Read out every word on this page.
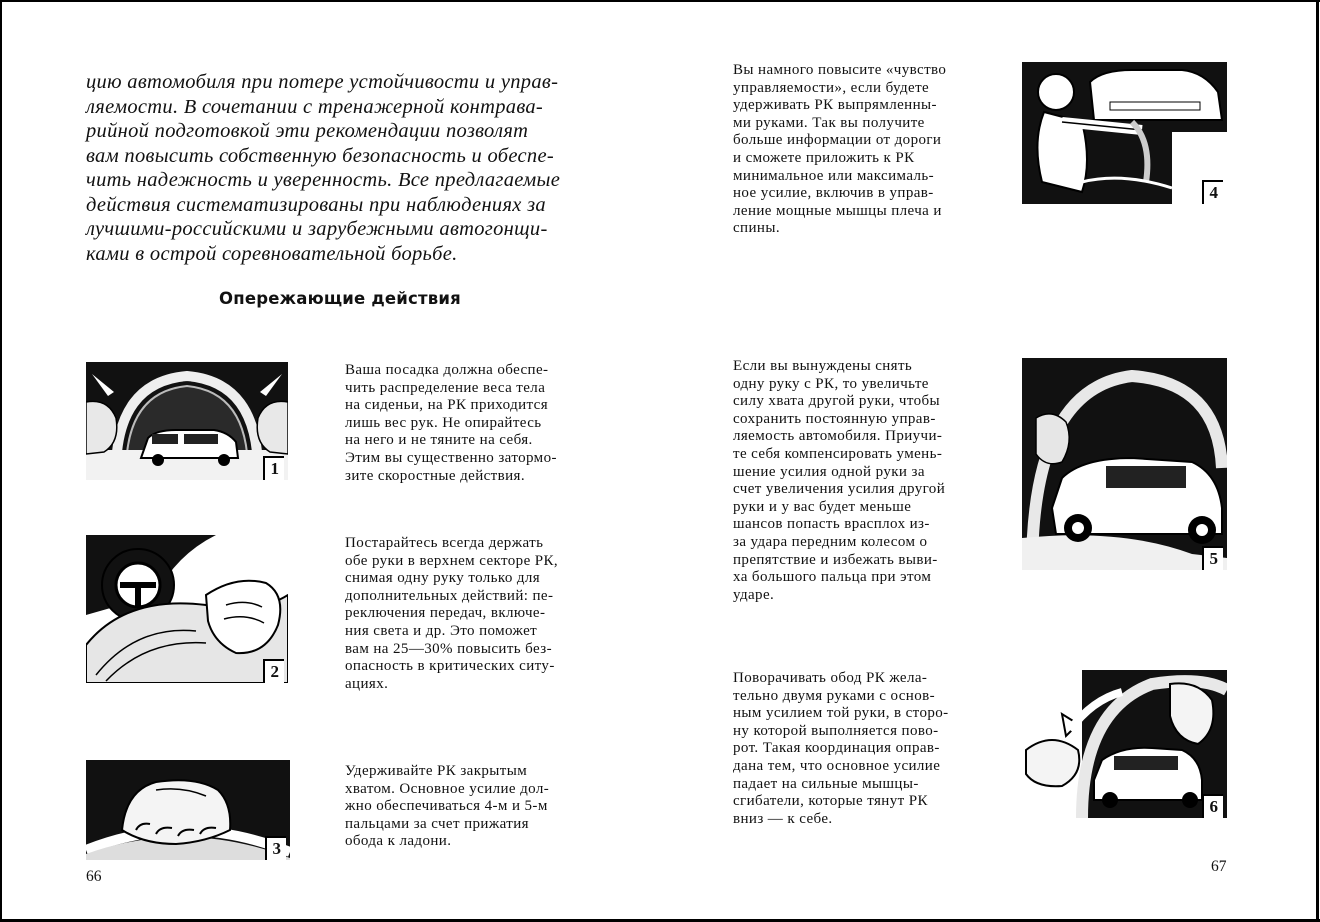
цию автомобиля при потере устойчивости и управ-
ляемости. В сочетании с тренажерной контрава-
рийной подготовкой эти рекомендации позволят
вам повысить собственную безопасность и обеспе-
чить надежность и уверенность. Все предлагаемые
действия систематизированы при наблюдениях за
лучшими-российскими и зарубежными автогонщи-
ками в острой соревновательной борьбе.
Опережающие действия
1
Ваша посадка должна обеспе-
чить распределение веса тела
на сиденьи, на РК приходится
лишь вес рук. Не опирайтесь
на него и не тяните на себя.
Этим вы существенно затормо-
зите скоростные действия.
2
Постарайтесь всегда держать
обе руки в верхнем секторе РК,
снимая одну руку только для
дополнительных действий: пе-
реключения передач, включе-
ния света и др. Это поможет
вам на 25—30% повысить без-
опасность в критических ситу-
ациях.
3
Удерживайте РК закрытым
хватом. Основное усилие дол-
жно обеспечиваться 4-м и 5-м
пальцами за счет прижатия
обода к ладони.
66
Вы намного повысите «чувство
управляемости», если будете
удерживать РК выпрямленны-
ми руками. Так вы получите
больше информации от дороги
и сможете приложить к РК
минимальное или максималь-
ное усилие, включив в управ-
ление мощные мышцы плеча и
спины.
4
Если вы вынуждены снять
одну руку с РК, то увеличьте
силу хвата другой руки, чтобы
сохранить постоянную управ-
ляемость автомобиля. Приучи-
те себя компенсировать умень-
шение усилия одной руки за
счет увеличения усилия другой
руки и у вас будет меньше
шансов попасть врасплох из-
за удара передним колесом о
препятствие и избежать выви-
ха большого пальца при этом
ударе.
5
Поворачивать обод РК жела-
тельно двумя руками с основ-
ным усилием той руки, в сторо-
ну которой выполняется пово-
рот. Такая координация оправ-
дана тем, что основное усилие
падает на сильные мышцы-
сгибатели, которые тянут РК
вниз — к себе.
6
67
